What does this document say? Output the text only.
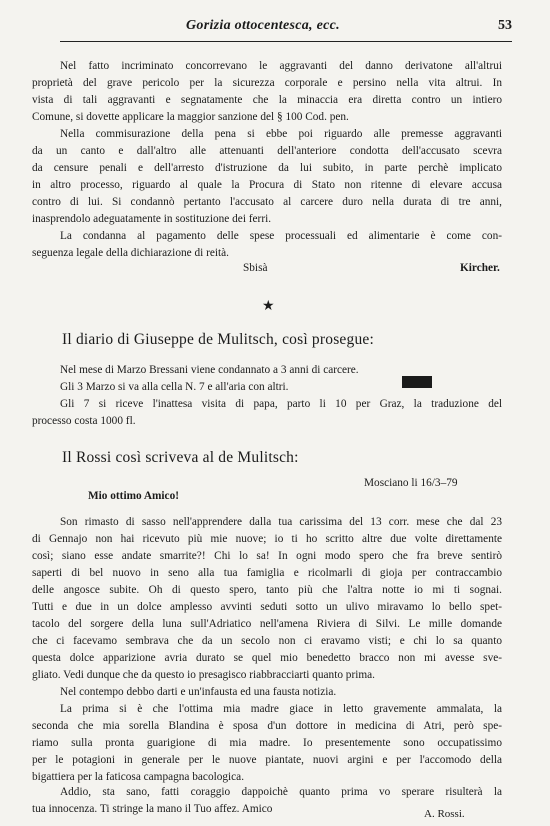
Gorizia ottocentesca, ecc.	53
Nel fatto incriminato concorrevano le aggravanti del danno derivatone all'altrui
proprietà del grave pericolo per la sicurezza corporale e persino nella vita altrui. In
vista di tali aggravanti e segnatamente che la minaccia era diretta contro un intiero
Comune, si dovette applicare la maggior sanzione del § 100 Cod. pen.
Nella commisurazione della pena si ebbe poi riguardo alle premesse aggravanti
da un canto e dall'altro alle attenuanti dell'anteriore condotta dell'accusato scevra
da censure penali e dell'arresto d'istruzione da lui subito, in parte perchè implicato
in altro processo, riguardo al quale la Procura di Stato non ritenne di elevare accusa
contro di lui. Si condannò pertanto l'accusato al carcere duro nella durata di tre anni,
inasprendolo adeguatamente in sostituzione dei ferri.
La condanna al pagamento delle spese processuali ed alimentarie è come con-
seguenza legale della dichiarazione di reità.
Sbisà	Kircher.
★
Il diario di Giuseppe de Mulitsch, così prosegue:
Nel mese di Marzo Bressani viene condannato a 3 anni di carcere.
Gli 3 Marzo si va alla cella N. 7 e all'aria con altri.
Gli 7 si riceve l'inattesa visita di papa, parto li 10 per Graz, la traduzione del
processo costa 1000 fl.
Il Rossi così scriveva al de Mulitsch:
Mosciano li 16/3–79
Mio ottimo Amico!
Son rimasto di sasso nell'apprendere dalla tua carissima del 13 corr. mese che dal 23
di Gennajo non hai ricevuto più mie nuove; io ti ho scritto altre due volte direttamente
così; siano esse andate smarrite?! Chi lo sa! In ogni modo spero che fra breve sentirò
saperti di bel nuovo in seno alla tua famiglia e ricolmarli di gioja per contraccambio
delle angosce subite. Oh di questo spero, tanto più che l'altra notte io mi ti sognai.
Tutti e due in un dolce amplesso avvinti seduti sotto un ulivo miravamo lo bello spet-
tacolo del sorgere della luna sull'Adriatico nell'amena Riviera di Silvi. Le mille domande
che ci facevamo sembrava che da un secolo non ci eravamo visti; e chi lo sa quanto
questa dolce apparizione avria durato se quel mio benedetto bracco non mi avesse sve-
gliato. Vedi dunque che da questo io presagisco riabbracciarti quanto prima.
Nel contempo debbo darti e un'infausta ed una fausta notizia.
La prima si è che l'ottima mia madre giace in letto gravemente ammalata, la
seconda che mia sorella Blandina è sposa d'un dottore in medicina di Atri, però spe-
riamo sulla pronta guarigione di mia madre. Io presentemente sono occupatissimo
per le potagioni in generale per le nuove piantate, nuovi argini e per l'accomodo della
bigattiera per la faticosa campagna bacologica.
Addio, sta sano, fatti coraggio dappoichè quanto prima vo sperare risulterà la
tua innocenza. Ti stringe la mano il Tuo affez. Amico	A. Rossi.
